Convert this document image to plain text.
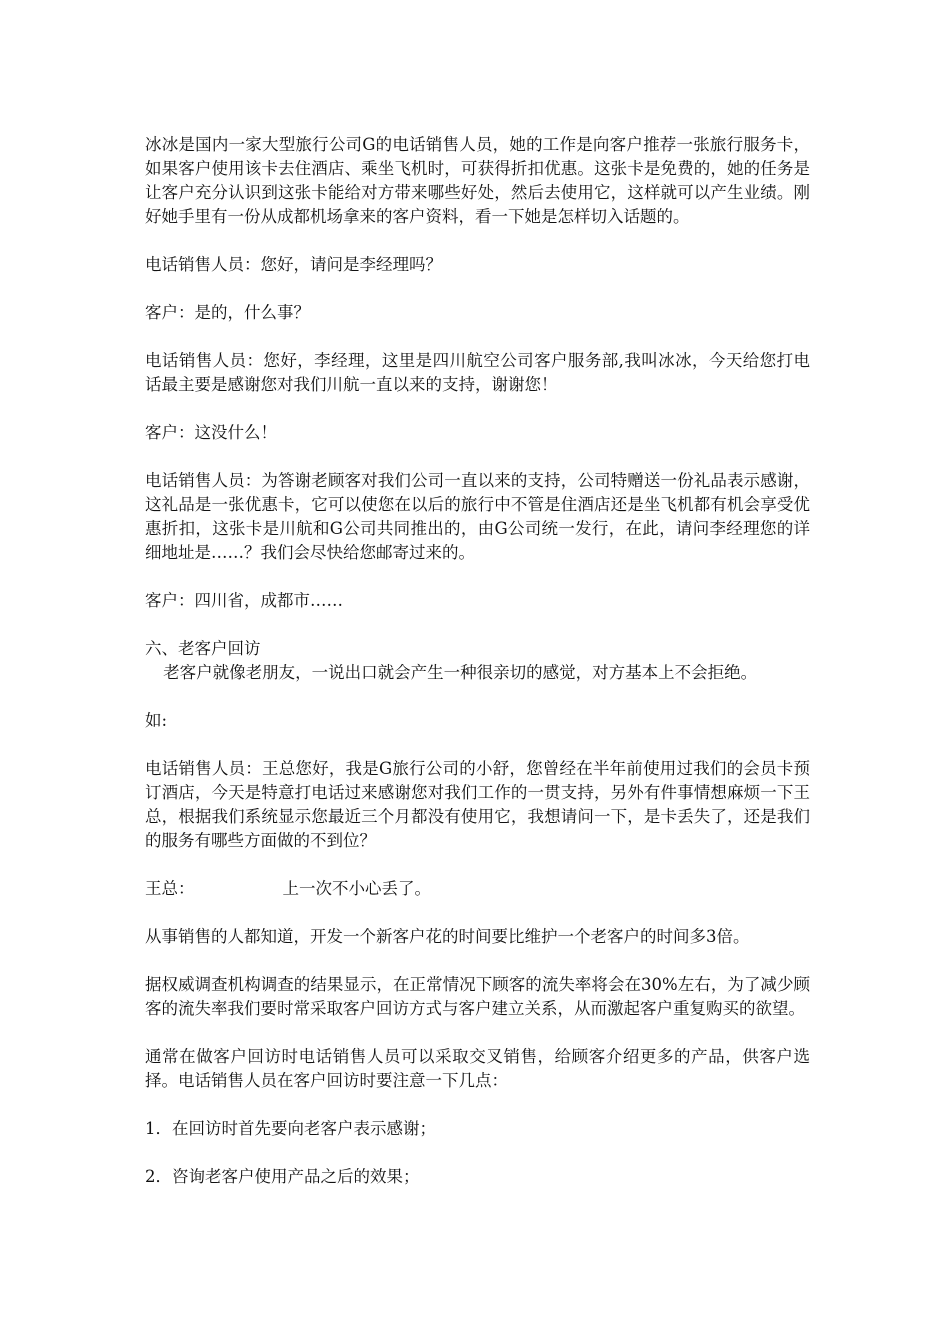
冰冰是国内一家大型旅行公司G的电话销售人员，她的工作是向客户推荐一张旅行服务卡，如果客户使用该卡去住酒店、乘坐飞机时，可获得折扣优惠。这张卡是免费的，她的任务是让客户充分认识到这张卡能给对方带来哪些好处，然后去使用它，这样就可以产生业绩。刚好她手里有一份从成都机场拿来的客户资料，看一下她是怎样切入话题的。

电话销售人员：您好，请问是李经理吗？

客户：是的，什么事？

电话销售人员：您好，李经理，这里是四川航空公司客户服务部,我叫冰冰，今天给您打电话最主要是感谢您对我们川航一直以来的支持，谢谢您！

客户：这没什么！

电话销售人员：为答谢老顾客对我们公司一直以来的支持，公司特赠送一份礼品表示感谢，这礼品是一张优惠卡，它可以使您在以后的旅行中不管是住酒店还是坐飞机都有机会享受优惠折扣，这张卡是川航和G公司共同推出的，由G公司统一发行，在此，请问李经理您的详细地址是……？我们会尽快给您邮寄过来的。

客户：四川省，成都市……

六、老客户回访

老客户就像老朋友，一说出口就会产生一种很亲切的感觉，对方基本上不会拒绝。

如:

电话销售人员：王总您好，我是G旅行公司的小舒，您曾经在半年前使用过我们的会员卡预订酒店，今天是特意打电话过来感谢您对我们工作的一贯支持，另外有件事情想麻烦一下王总，根据我们系统显示您最近三个月都没有使用它，我想请问一下，是卡丢失了，还是我们的服务有哪些方面做的不到位？

王总：	上一次不小心丢了。

从事销售的人都知道，开发一个新客户花的时间要比维护一个老客户的时间多3倍。

据权威调查机构调查的结果显示，在正常情况下顾客的流失率将会在30%左右，为了减少顾客的流失率我们要时常采取客户回访方式与客户建立关系，从而激起客户重复购买的欲望。

通常在做客户回访时电话销售人员可以采取交叉销售，给顾客介绍更多的产品，供客户选择。电话销售人员在客户回访时要注意一下几点：

1．在回访时首先要向老客户表示感谢；

2．咨询老客户使用产品之后的效果；
